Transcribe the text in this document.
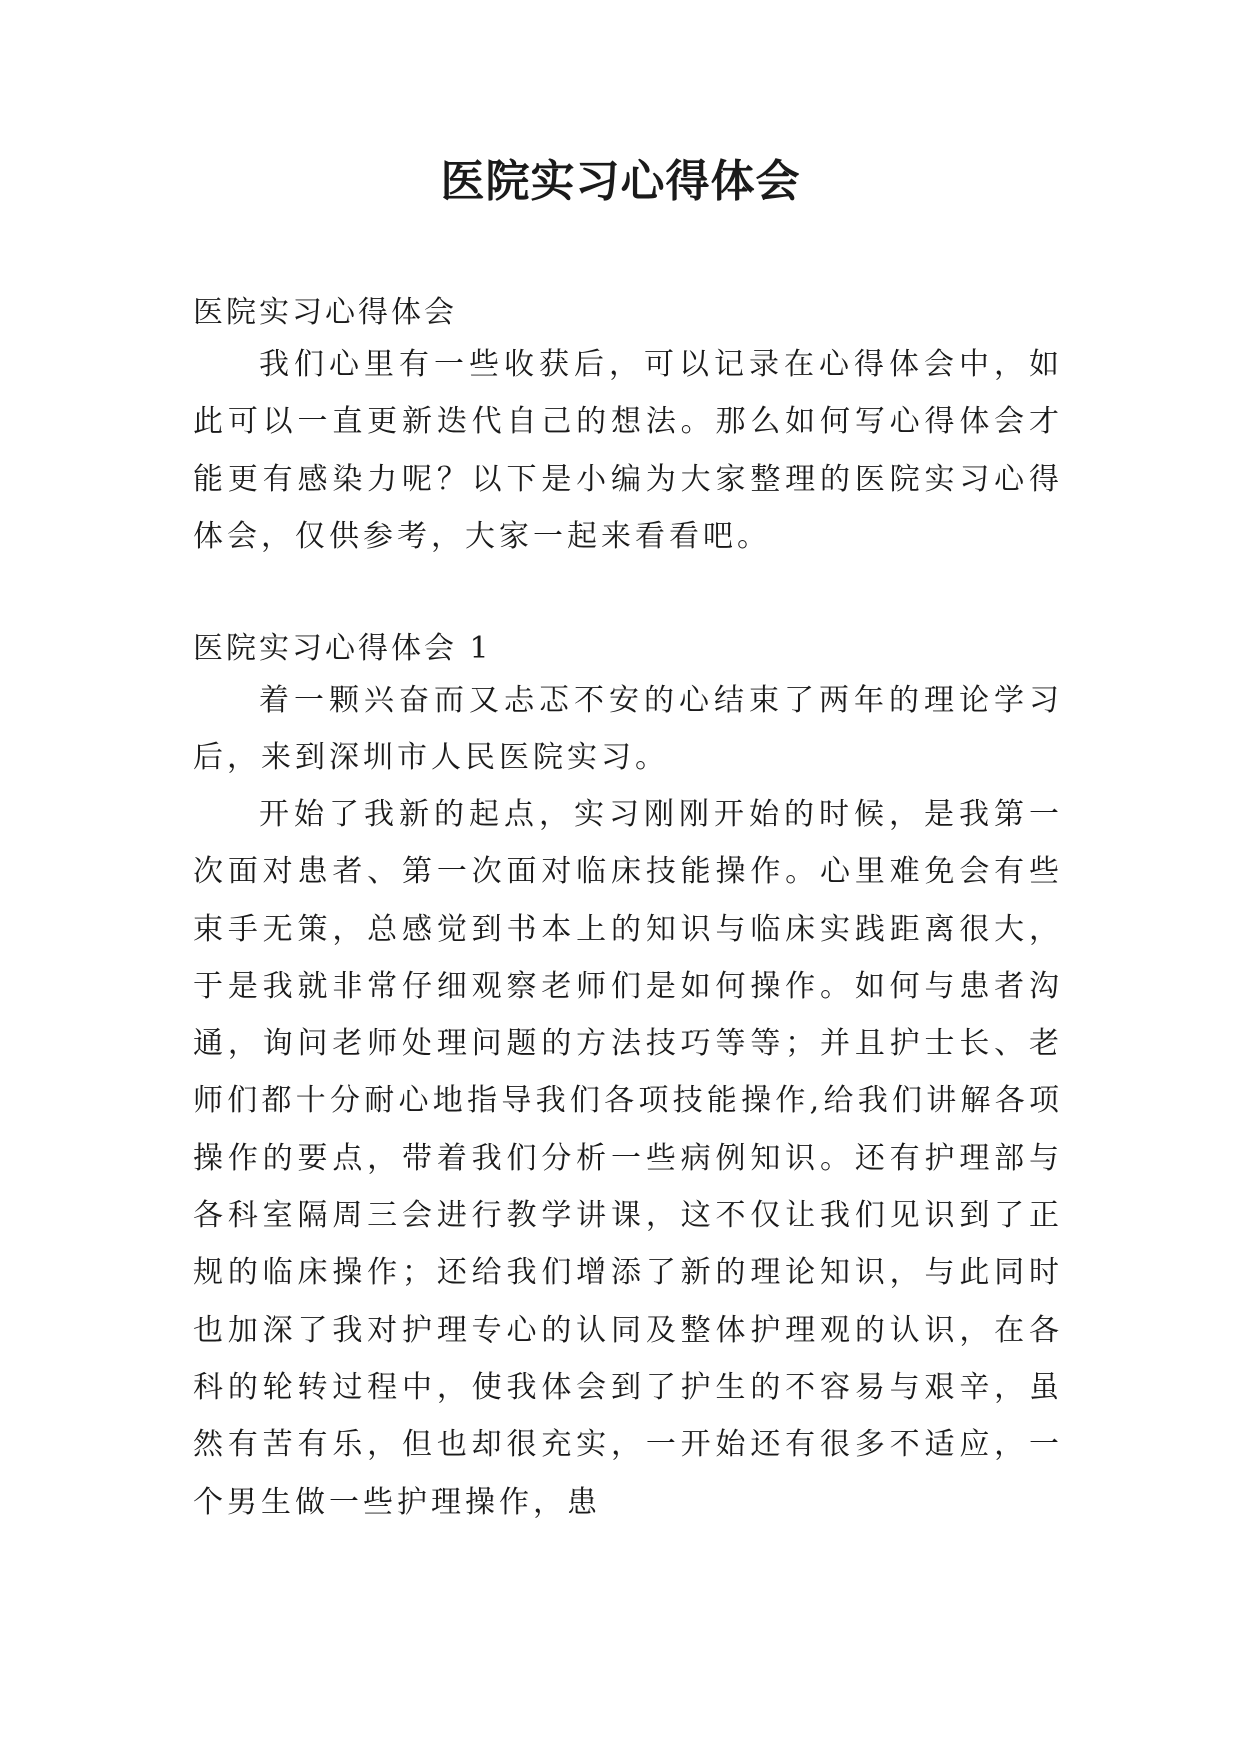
医院实习心得体会
医院实习心得体会

我们心里有一些收获后，可以记录在心得体会中，如此可以一直更新迭代自己的想法。那么如何写心得体会才能更有感染力呢？以下是小编为大家整理的医院实习心得体会，仅供参考，大家一起来看看吧。

医院实习心得体会 1

着一颗兴奋而又忐忑不安的心结束了两年的理论学习后，来到深圳市人民医院实习。

开始了我新的起点，实习刚刚开始的时候，是我第一次面对患者、第一次面对临床技能操作。心里难免会有些束手无策，总感觉到书本上的知识与临床实践距离很大，于是我就非常仔细观察老师们是如何操作。如何与患者沟通，询问老师处理问题的方法技巧等等；并且护士长、老师们都十分耐心地指导我们各项技能操作,给我们讲解各项操作的要点，带着我们分析一些病例知识。还有护理部与各科室隔周三会进行教学讲课，这不仅让我们见识到了正规的临床操作；还给我们增添了新的理论知识，与此同时也加深了我对护理专心的认同及整体护理观的认识，在各科的轮转过程中，使我体会到了护生的不容易与艰辛，虽然有苦有乐，但也却很充实，一开始还有很多不适应，一个男生做一些护理操作，患
